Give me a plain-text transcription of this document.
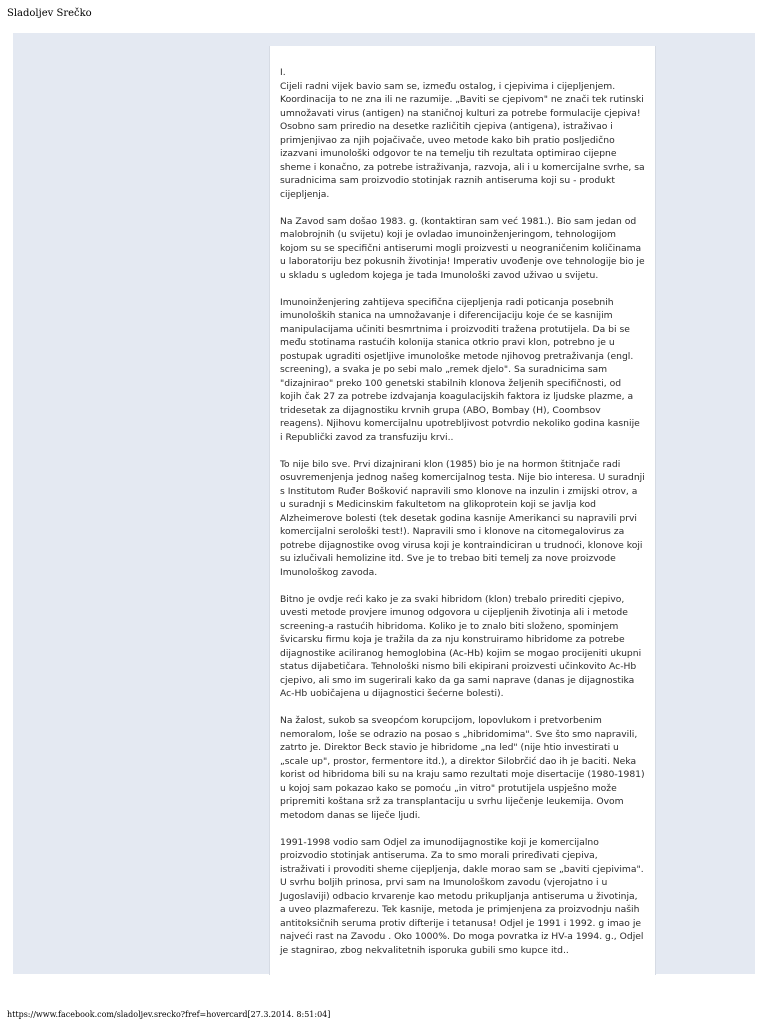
Sladoljev Srečko
I.

Cijeli radni vijek bavio sam se, između ostalog, i cjepivima i cijepljenjem. Koordinacija to ne zna ili ne razumije. „Baviti se cjepivom" ne znači tek rutinski umnožavati virus (antigen) na staničnoj kulturi za potrebe formulacije cjepiva! Osobno sam priredio na desetke različitih cjepiva (antigena), istraživao i primjenjivao za njih pojačivače, uveo metode kako bih pratio posljedično izazvani imunološki odgovor te na temelju tih rezultata optimirao cijepne sheme i konačno, za potrebe istraživanja, razvoja, ali i u komercijalne svrhe, sa suradnicima sam proizvodio stotinjak raznih antiseruma koji su - produkt cijepljenja.

Na Zavod sam došao 1983. g. (kontaktiran sam već 1981.). Bio sam jedan od malobrojnih (u svijetu) koji je ovladao imunoinženjeringom, tehnologijom kojom su se specifični antiserumi mogli proizvesti u neograničenim količinama u laboratoriju bez pokusnih životinja! Imperativ uvođenje ove tehnologije bio je u skladu s ugledom kojega je tada Imunološki zavod uživao u svijetu.

Imunoinženjering zahtijeva specifična cijepljenja radi poticanja posebnih imunoloških stanica na umnožavanje i diferencijaciju koje će se kasnijim manipulacijama učiniti besmrtnima i proizvoditi tražena protutijela. Da bi se među stotinama rastućih kolonija stanica otkrio pravi klon, potrebno je u postupak ugraditi osjetljive imunološke metode njihovog pretraživanja (engl. screening), a svaka je po sebi malo „remek djelo". Sa suradnicima sam "dizajnirao" preko 100 genetski stabilnih klonova željenih specifičnosti, od kojih čak 27 za potrebe izdvajanja koagulacijskih faktora iz ljudske plazme, a tridesetak za dijagnostiku krvnih grupa (ABO, Bombay (H), Coombsov reagens). Njihovu komercijalnu upotrebljivost potvrdio nekoliko godina kasnije i Republički zavod za transfuziju krvi..

To nije bilo sve. Prvi dizajnirani klon (1985) bio je na hormon štitnjače radi osuvremenjenja jednog našeg komercijalnog testa. Nije bio interesa. U suradnji s Institutom Ruđer Bošković napravili smo klonove na inzulin i zmijski otrov, a u suradnji s Medicinskim fakultetom na glikoprotein koji se javlja kod Alzheimerove bolesti (tek desetak godina kasnije Amerikanci su napravili prvi komercijalni serološki test!). Napravili smo i klonove na citomegalovirus za potrebe dijagnostike ovog virusa koji je kontraindiciran u trudnoći, klonove koji su izlučivali hemolizine itd. Sve je to trebao biti temelj za nove proizvode Imunološkog zavoda.

Bitno je ovdje reći kako je za svaki hibridom (klon) trebalo prirediti cjepivo, uvesti metode provjere imunog odgovora u cijepljenih životinja ali i metode screening-a rastućih hibridoma. Koliko je to znalo biti složeno, spominjem švicarsku firmu koja je tražila da za nju konstruiramo hibridome za potrebe dijagnostike aciliranog hemoglobina (Ac-Hb) kojim se mogao procijeniti ukupni status dijabetičara. Tehnološki nismo bili ekipirani proizvesti učinkovito Ac-Hb cjepivo, ali smo im sugerirali kako da ga sami naprave (danas je dijagnostika Ac-Hb uobičajena u dijagnostici šećerne bolesti).

Na žalost, sukob sa sveopćom korupcijom, lopovlukom i pretvorbenim nemoralom, loše se odrazio na posao s „hibridomima". Sve što smo napravili, zatrto je. Direktor Beck stavio je hibridome „na led" (nije htio investirati u „scale up", prostor, fermentore itd.), a direktor Silobrčić dao ih je baciti. Neka korist od hibridoma bili su na kraju samo rezultati moje disertacije (1980-1981) u kojoj sam pokazao kako se pomoću „in vitro" protutijela uspješno može pripremiti koštana srž za transplantaciju u svrhu liječenje leukemija. Ovom metodom danas se liječe ljudi.

1991-1998 vodio sam Odjel za imunodijagnostike koji je komercijalno proizvodio stotinjak antiseruma. Za to smo morali priređivati cjepiva, istraživati i provoditi sheme cijepljenja, dakle morao sam se „baviti cjepivima". U svrhu boljih prinosa, prvi sam na Imunološkom zavodu (vjerojatno i u Jugoslaviji) odbacio krvarenje kao metodu prikupljanja antiseruma u životinja, a uveo plazmaferezu. Tek kasnije, metoda je primjenjena za proizvodnju naših antitoksičnih seruma protiv difterije i tetanusa! Odjel je 1991 i 1992. g imao je najveći rast na Zavodu . Oko 1000%. Do moga povratka iz HV-a 1994. g., Odjel je stagnirao, zbog nekvalitetnih isporuka gubili smo kupce itd..

https://www.facebook.com/sladoljev.srecko?fref=hovercard[27.3.2014. 8:51:04]
